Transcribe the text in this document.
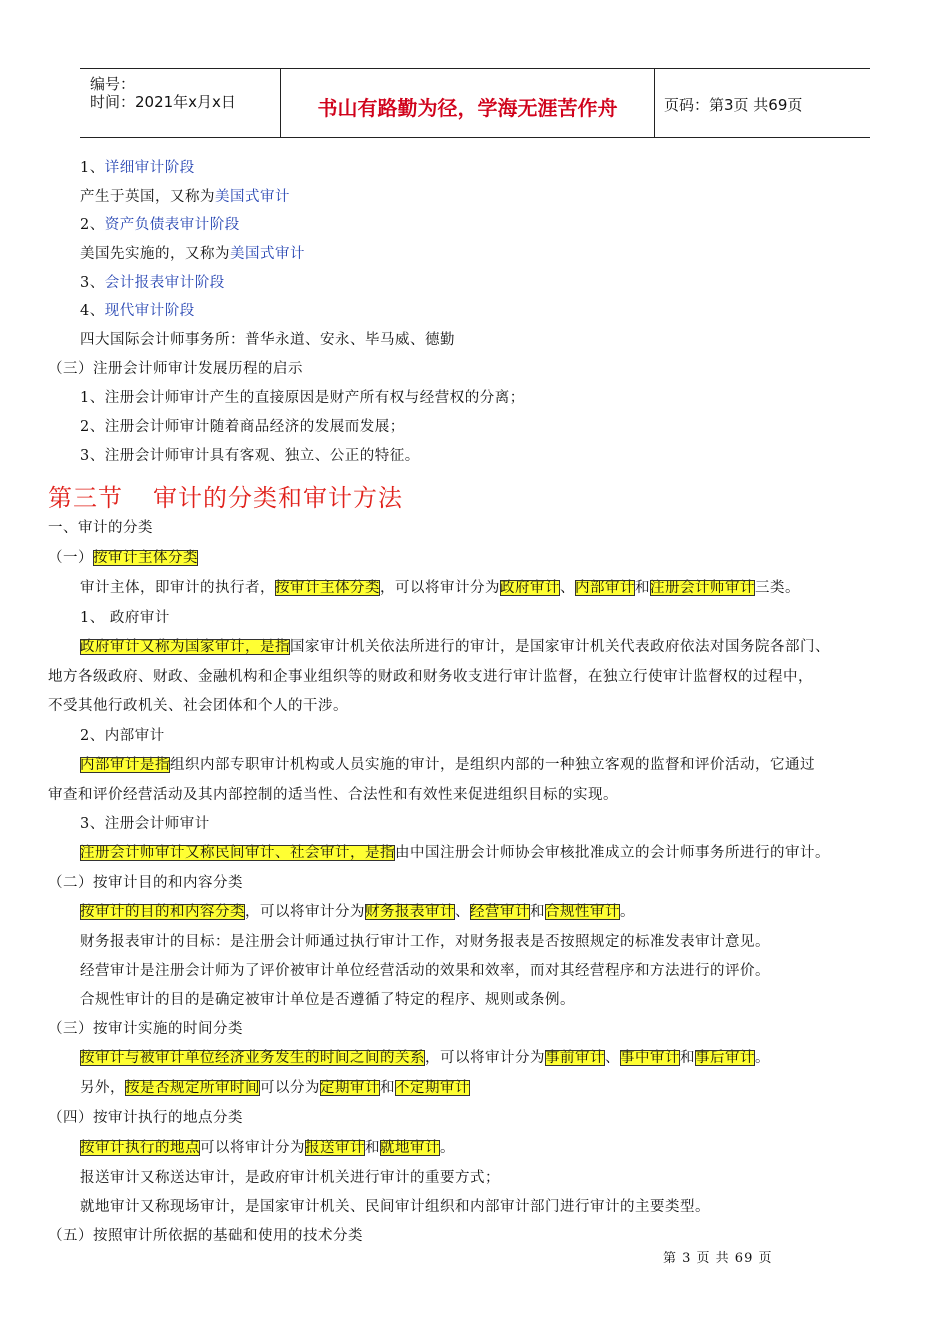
编号：
时间：2021年x月x日	书山有路勤为径，学海无涯苦作舟	页码：第3页 共69页
1、详细审计阶段
产生于英国，又称为美国式审计
2、资产负债表审计阶段
美国先实施的，又称为美国式审计
3、会计报表审计阶段
4、现代审计阶段
四大国际会计师事务所：普华永道、安永、毕马威、德勤
（三）注册会计师审计发展历程的启示
1、注册会计师审计产生的直接原因是财产所有权与经营权的分离；
2、注册会计师审计随着商品经济的发展而发展；
3、注册会计师审计具有客观、独立、公正的特征。
第三节 审计的分类和审计方法
一、审计的分类
（一）按审计主体分类
审计主体，即审计的执行者，按审计主体分类，可以将审计分为政府审计、内部审计和注册会计师审计三类。
1、 政府审计
政府审计又称为国家审计，是指国家审计机关依法所进行的审计，是国家审计机关代表政府依法对国务院各部门、
地方各级政府、财政、金融机构和企事业组织等的财政和财务收支进行审计监督，在独立行使审计监督权的过程中，
不受其他行政机关、社会团体和个人的干涉。
2、内部审计
内部审计是指组织内部专职审计机构或人员实施的审计，是组织内部的一种独立客观的监督和评价活动，它通过
审查和评价经营活动及其内部控制的适当性、合法性和有效性来促进组织目标的实现。
3、注册会计师审计
注册会计师审计又称民间审计、社会审计，是指由中国注册会计师协会审核批准成立的会计师事务所进行的审计。
（二）按审计目的和内容分类
按审计的目的和内容分类，可以将审计分为财务报表审计、经营审计和合规性审计。
财务报表审计的目标：是注册会计师通过执行审计工作，对财务报表是否按照规定的标准发表审计意见。
经营审计是注册会计师为了评价被审计单位经营活动的效果和效率，而对其经营程序和方法进行的评价。
合规性审计的目的是确定被审计单位是否遵循了特定的程序、规则或条例。
（三）按审计实施的时间分类
按审计与被审计单位经济业务发生的时间之间的关系，可以将审计分为事前审计、事中审计和事后审计。
另外，按是否规定所审时间可以分为定期审计和不定期审计
（四）按审计执行的地点分类
按审计执行的地点可以将审计分为报送审计和就地审计。
报送审计又称送达审计，是政府审计机关进行审计的重要方式；
就地审计又称现场审计，是国家审计机关、民间审计组织和内部审计部门进行审计的主要类型。
（五）按照审计所依据的基础和使用的技术分类
第 3 页 共 69 页
